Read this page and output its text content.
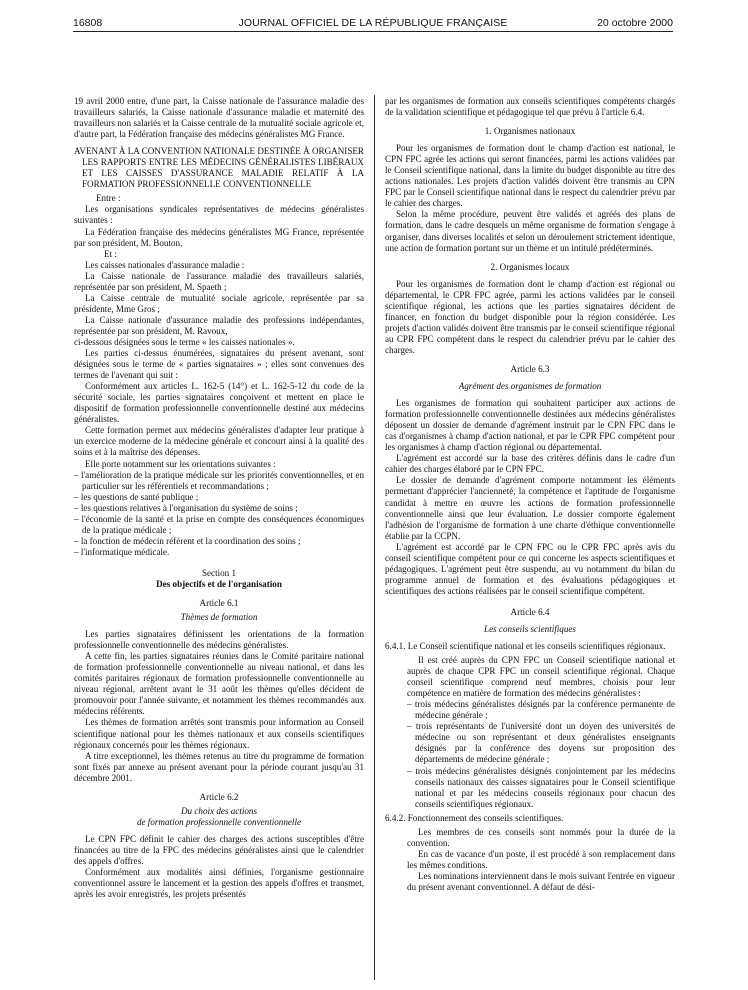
16808	JOURNAL OFFICIEL DE LA RÉPUBLIQUE FRANÇAISE	20 octobre 2000

19 avril 2000 entre, d'une part, la Caisse nationale de l'assurance maladie des travailleurs salariés, la Caisse nationale d'assurance maladie et maternité des travailleurs non salariés et la Caisse centrale de la mutualité sociale agricole et, d'autre part, la Fédération française des médecins généralistes MG France.

AVENANT À LA CONVENTION NATIONALE DESTINÉE À ORGANISER LES RAPPORTS ENTRE LES MÉDECINS GÉNÉRALISTES LIBÉRAUX ET LES CAISSES D'ASSURANCE MALADIE RELATIF À LA FORMATION PROFESSIONNELLE CONVENTIONNELLE

Entre :

Les organisations syndicales représentatives de médecins généralistes suivantes :

La Fédération française des médecins généralistes MG France, représentée par son président, M. Bouton,

Et :

Les caisses nationales d'assurance maladie :

La Caisse nationale de l'assurance maladie des travailleurs salariés, représentée par son président, M. Spaeth ;

La Caisse centrale de mutualité sociale agricole, représentée par sa présidente, Mme Gros ;

La Caisse nationale d'assurance maladie des professions indépendantes, représentée par son président, M. Ravoux,

ci-dessous désignées sous le terme « les caisses nationales ».

Les parties ci-dessus énumérées, signataires du présent avenant, sont désignées sous le terme de « parties signataires » ; elles sont convenues des termes de l'avenant qui suit :

Conformément aux articles L. 162-5 (14°) et L. 162-5-12 du code de la sécurité sociale, les parties signataires conçoivent et mettent en place le dispositif de formation professionnelle conventionnelle destiné aux médecins généralistes.

Cette formation permet aux médecins généralistes d'adapter leur pratique à un exercice moderne de la médecine générale et concourt ainsi à la qualité des soins et à la maîtrise des dépenses.

Elle porte notamment sur les orientations suivantes :

– l'amélioration de la pratique médicale sur les priorités conventionnelles, et en particulier sur les référentiels et recommandations ;

– les questions de santé publique ;

– les questions relatives à l'organisation du système de soins ;

– l'économie de la santé et la prise en compte des conséquences économiques de la pratique médicale ;

– la fonction de médecin référent et la coordination des soins ;

– l'informatique médicale.

Section 1

Des objectifs et de l'organisation

Article 6.1

Thèmes de formation

Les parties signataires définissent les orientations de la formation professionnelle conventionnelle des médecins généralistes.

A cette fin, les parties signataires réunies dans le Comité paritaire national de formation professionnelle conventionnelle au niveau national, et dans les comités paritaires régionaux de formation professionnelle conventionnelle au niveau régional, arrêtent avant le 31 août les thèmes qu'elles décident de promouvoir pour l'année suivante, et notamment les thèmes recommandés aux médecins référents.

Les thèmes de formation arrêtés sont transmis pour information au Conseil scientifique national pour les thèmes nationaux et aux conseils scientifiques régionaux concernés pour les thèmes régionaux.

A titre exceptionnel, les thèmes retenus au titre du programme de formation sont fixés par annexe au présent avenant pour la période courant jusqu'au 31 décembre 2001.

Article 6.2

Du choix des actions

de formation professionnelle conventionnelle

Le CPN FPC définit le cahier des charges des actions susceptibles d'être financées au titre de la FPC des médecins généralistes ainsi que le calendrier des appels d'offres.

Conformément aux modalités ainsi définies, l'organisme gestionnaire conventionnel assure le lancement et la gestion des appels d'offres et transmet, après les avoir enregistrés, les projets présentés

par les organismes de formation aux conseils scientifiques compétents chargés de la validation scientifique et pédagogique tel que prévu à l'article 6.4.

1. Organismes nationaux

Pour les organismes de formation dont le champ d'action est national, le CPN FPC agrée les actions qui seront financées, parmi les actions validées par le Conseil scientifique national, dans la limite du budget disponible au titre des actions nationales. Les projets d'action validés doivent être transmis au CPN FPC par le Conseil scientifique national dans le respect du calendrier prévu par le cahier des charges.

Selon la même procédure, peuvent être validés et agréés des plans de formation, dans le cadre desquels un même organisme de formation s'engage à organiser, dans diverses localités et selon un déroulement strictement identique, une action de formation portant sur un thème et un intitulé prédéterminés.

2. Organismes locaux

Pour les organismes de formation dont le champ d'action est régional ou départemental, le CPR FPC agrée, parmi les actions validées par le conseil scientifique régional, les actions que les parties signataires décident de financer, en fonction du budget disponible pour la région considérée. Les projets d'action validés doivent être transmis par le conseil scientifique régional au CPR FPC compétent dans le respect du calendrier prévu par le cahier des charges.

Article 6.3

Agrément des organismes de formation

Les organismes de formation qui souhaitent participer aux actions de formation professionnelle conventionnelle destinées aux médecins généralistes déposent un dossier de demande d'agrément instruit par le CPN FPC dans le cas d'organismes à champ d'action national, et par le CPR FPC compétent pour les organismes à champ d'action régional ou départemental.

L'agrément est accordé sur la base des critères définis dans le cadre d'un cahier des charges élaboré par le CPN FPC.

Le dossier de demande d'agrément comporte notamment les éléments permettant d'apprécier l'ancienneté, la compétence et l'aptitude de l'organisme candidat à mettre en œuvre les actions de formation professionnelle conventionnelle ainsi que leur évaluation. Le dossier comporte également l'adhésion de l'organisme de formation à une charte d'éthique conventionnelle établie par la CCPN.

L'agrément est accordé par le CPN FPC ou le CPR FPC après avis du conseil scientifique compétent pour ce qui concerne les aspects scientifiques et pédagogiques. L'agrément peut être suspendu, au vu notamment du bilan du programme annuel de formation et des évaluations pédagogiques et scientifiques des actions réalisées par le conseil scientifique compétent.

Article 6.4

Les conseils scientifiques

6.4.1. Le Conseil scientifique national et les conseils scientifiques régionaux.

Il est créé auprès du CPN FPC un Conseil scientifique national et auprès de chaque CPR FPC un conseil scientifique régional. Chaque conseil scientifique comprend neuf membres, choisis pour leur compétence en matière de formation des médecins généralistes :

– trois médecins généralistes désignés par la conférence permanente de médecine générale ;

– trois représentants de l'université dont un doyen des universités de médecine ou son représentant et deux généralistes enseignants désignés par la conférence des doyens sur proposition des départements de médecine générale ;

– trois médecins généralistes désignés conjointement par les médecins conseils nationaux des caisses signataires pour le Conseil scientifique national et par les médecins conseils régionaux pour chacun des conseils scientifiques régionaux.

6.4.2. Fonctionnement des conseils scientifiques.

Les membres de ces conseils sont nommés pour la durée de la convention.

En cas de vacance d'un poste, il est procédé à son remplacement dans les mêmes conditions.

Les nominations interviennent dans le mois suivant l'entrée en vigueur du présent avenant conventionnel. A défaut de dési-
